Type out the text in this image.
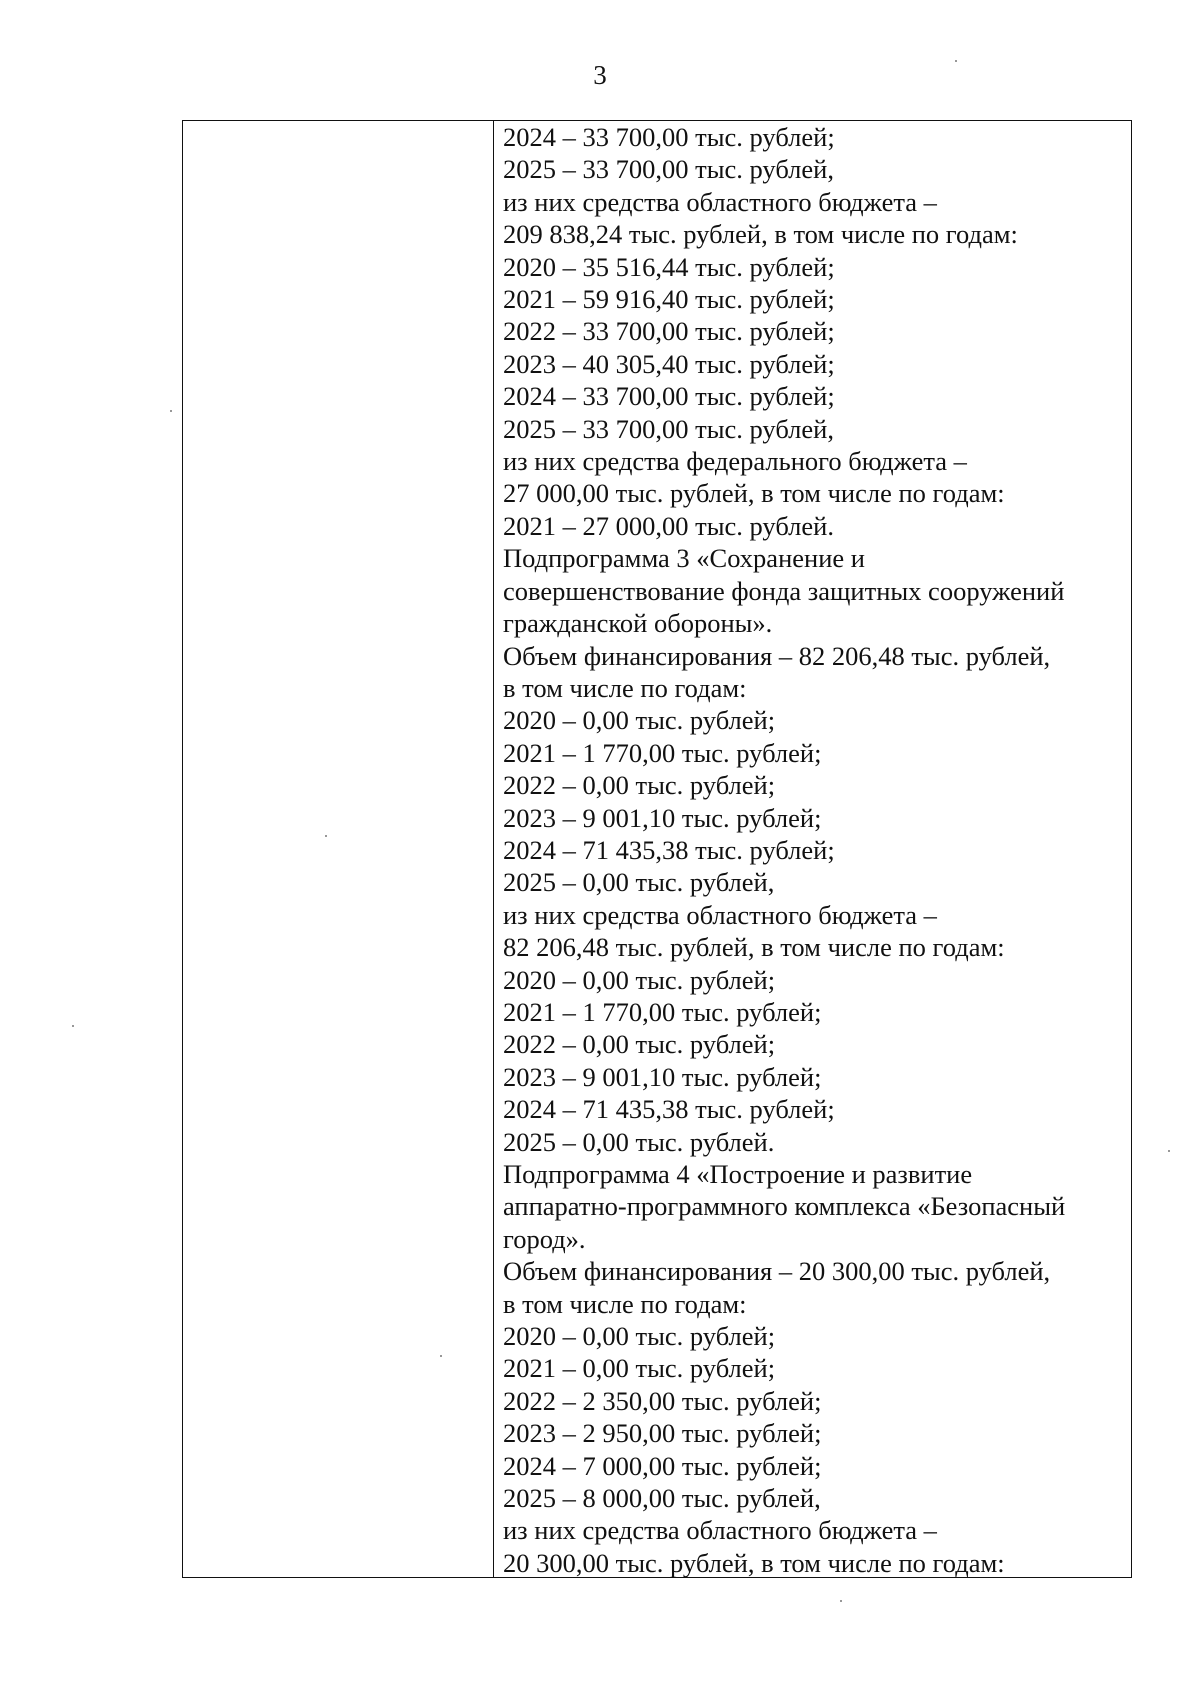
3
2024 – 33 700,00 тыс. рублей;
2025 – 33 700,00 тыс. рублей,
из них средства областного бюджета –
209 838,24 тыс. рублей, в том числе по годам:
2020 – 35 516,44 тыс. рублей;
2021 – 59 916,40 тыс. рублей;
2022 – 33 700,00 тыс. рублей;
2023 – 40 305,40 тыс. рублей;
2024 – 33 700,00 тыс. рублей;
2025 – 33 700,00 тыс. рублей,
из них средства федерального бюджета –
27 000,00 тыс. рублей, в том числе по годам:
2021 – 27 000,00 тыс. рублей.
Подпрограмма 3 «Сохранение и
совершенствование фонда защитных сооружений
гражданской обороны».
Объем финансирования – 82 206,48 тыс. рублей,
в том числе по годам:
2020 – 0,00 тыс. рублей;
2021 – 1 770,00 тыс. рублей;
2022 – 0,00 тыс. рублей;
2023 – 9 001,10 тыс. рублей;
2024 – 71 435,38 тыс. рублей;
2025 – 0,00 тыс. рублей,
из них средства областного бюджета –
82 206,48 тыс. рублей, в том числе по годам:
2020 – 0,00 тыс. рублей;
2021 – 1 770,00 тыс. рублей;
2022 – 0,00 тыс. рублей;
2023 – 9 001,10 тыс. рублей;
2024 – 71 435,38 тыс. рублей;
2025 – 0,00 тыс. рублей.
Подпрограмма 4 «Построение и развитие
аппаратно-программного комплекса «Безопасный
город».
Объем финансирования – 20 300,00 тыс. рублей,
в том числе по годам:
2020 – 0,00 тыс. рублей;
2021 – 0,00 тыс. рублей;
2022 – 2 350,00 тыс. рублей;
2023 – 2 950,00 тыс. рублей;
2024 – 7 000,00 тыс. рублей;
2025 – 8 000,00 тыс. рублей,
из них средства областного бюджета –
20 300,00 тыс. рублей, в том числе по годам:
